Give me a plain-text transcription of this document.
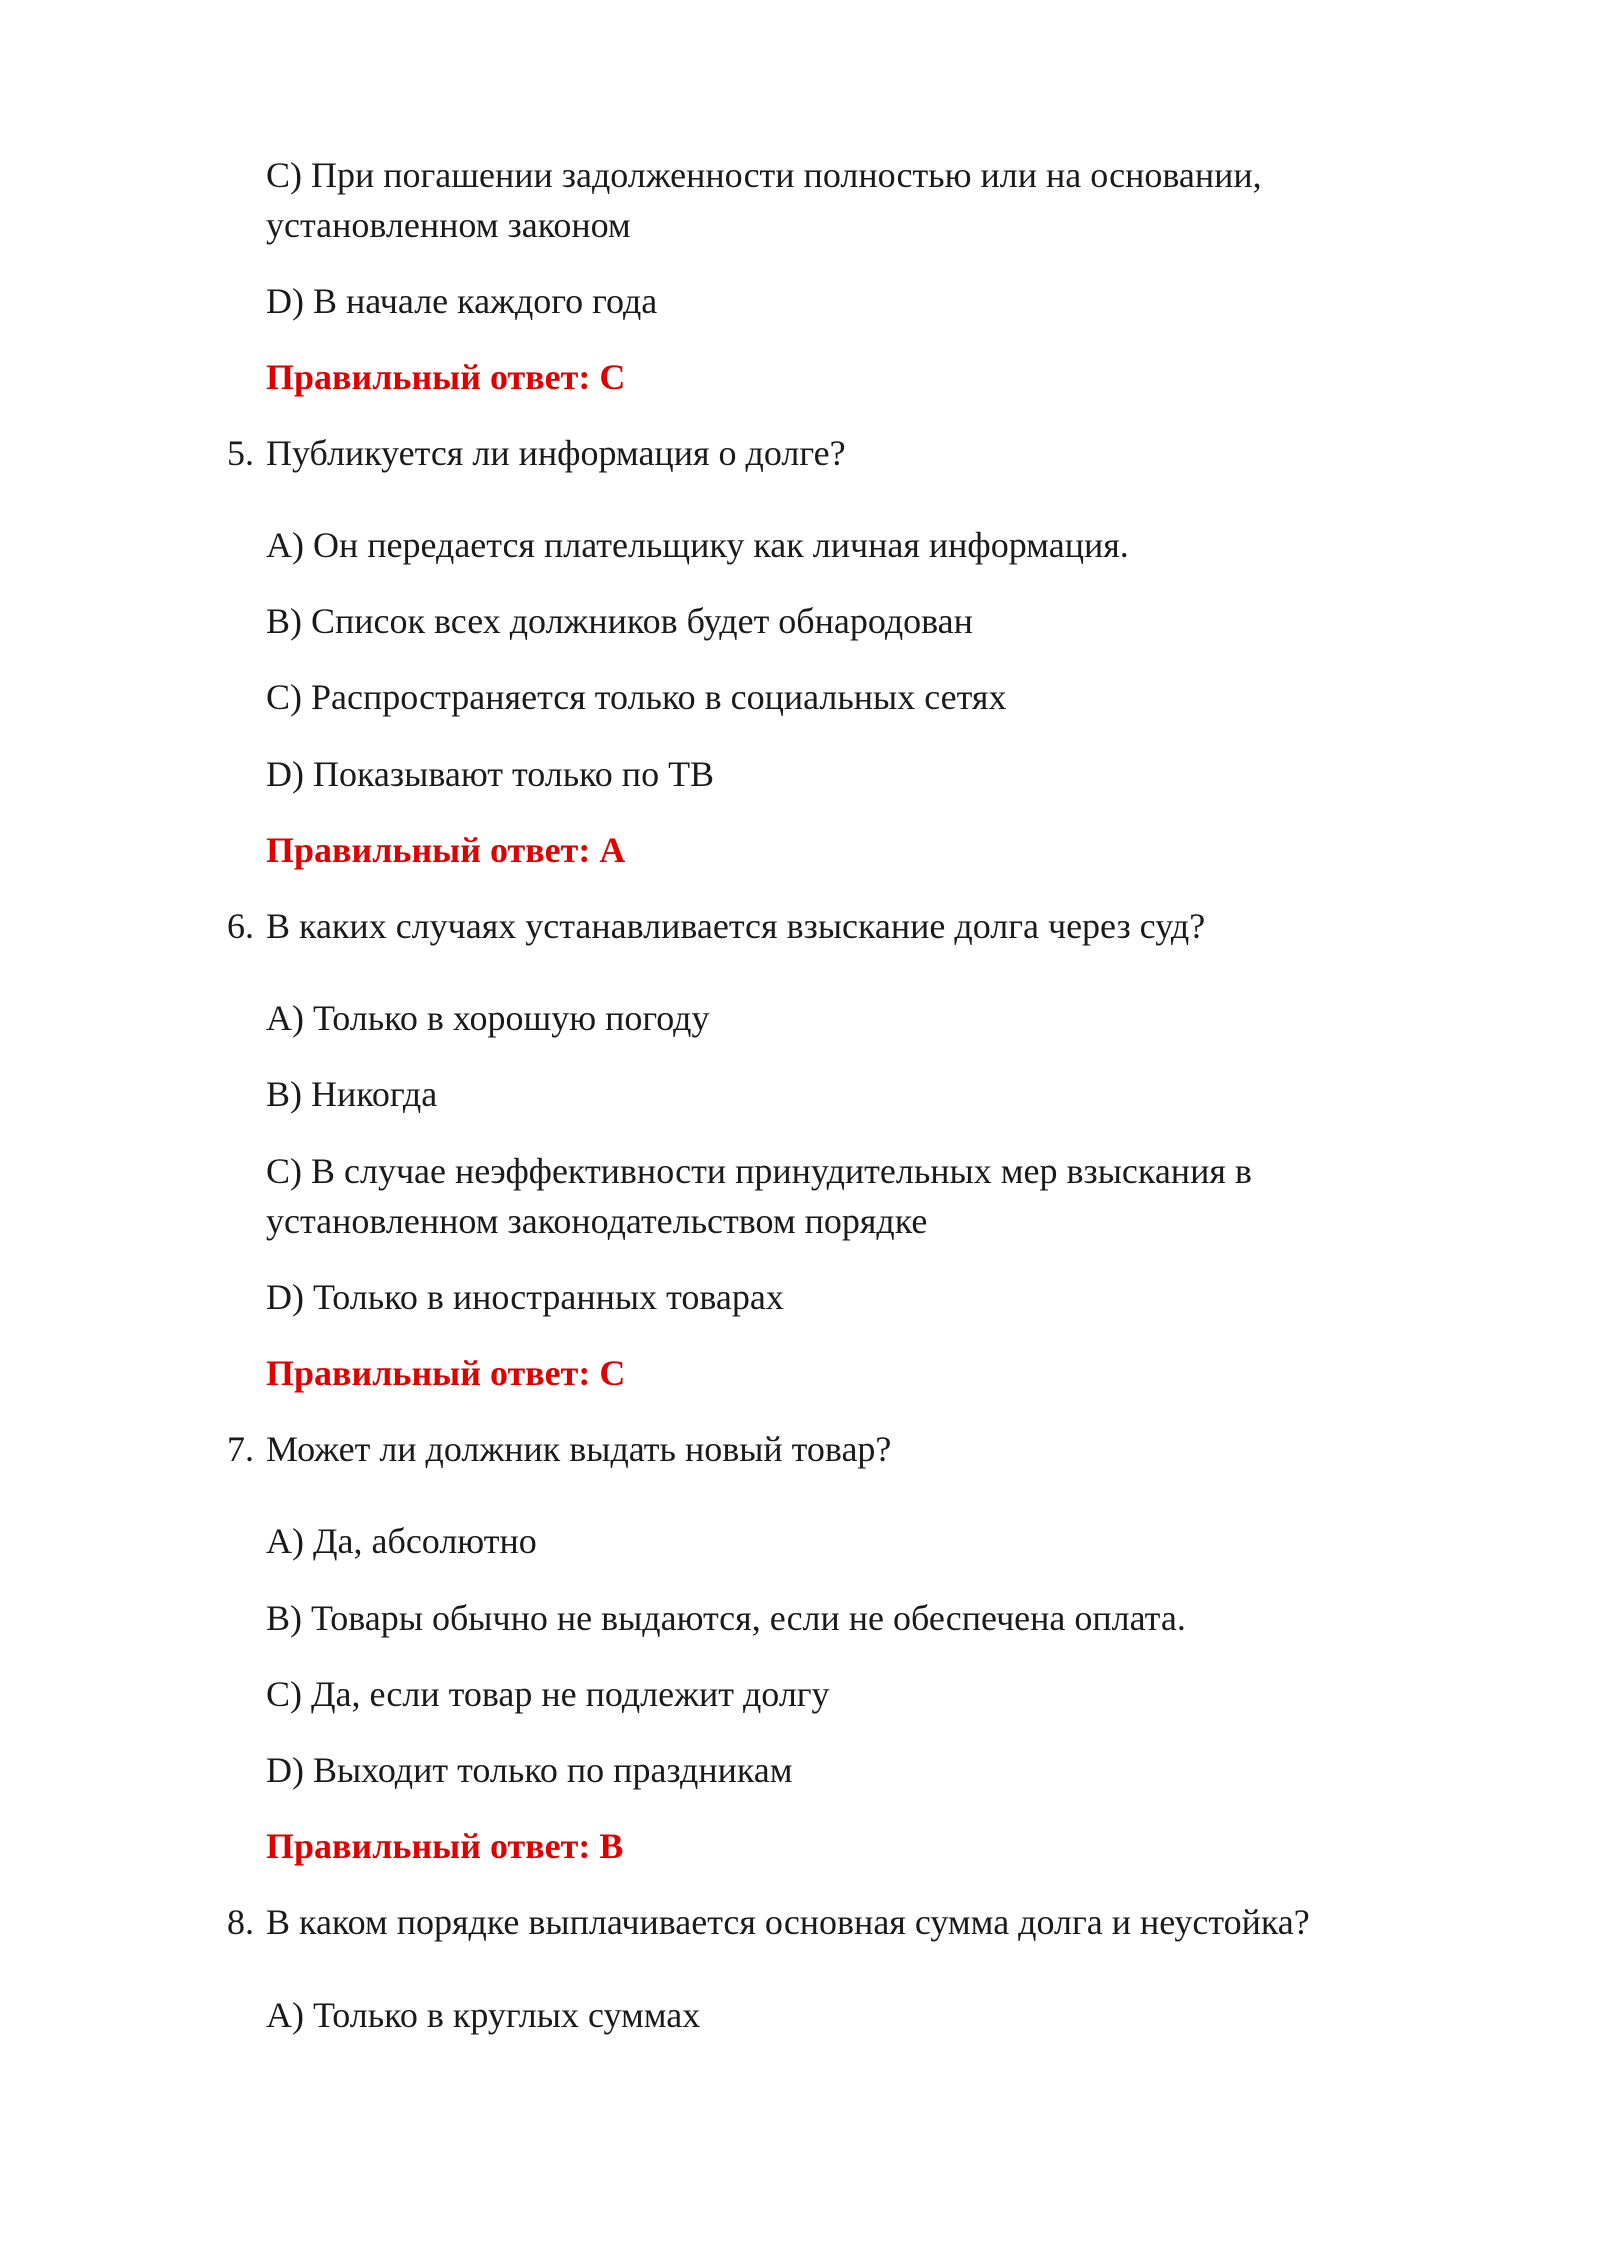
C) При погашении задолженности полностью или на основании,
установленном законом
D) В начале каждого года
Правильный ответ: C
5. Публикуется ли информация о долге?
A) Он передается плательщику как личная информация.
B) Список всех должников будет обнародован
C) Распространяется только в социальных сетях
D) Показывают только по ТВ
Правильный ответ: A
6. В каких случаях устанавливается взыскание долга через суд?
A) Только в хорошую погоду
B) Никогда
C) В случае неэффективности принудительных мер взыскания в
установленном законодательством порядке
D) Только в иностранных товарах
Правильный ответ: C
7. Может ли должник выдать новый товар?
A) Да, абсолютно
B) Товары обычно не выдаются, если не обеспечена оплата.
C) Да, если товар не подлежит долгу
D) Выходит только по праздникам
Правильный ответ: B
8. В каком порядке выплачивается основная сумма долга и неустойка?
A) Только в круглых суммах
